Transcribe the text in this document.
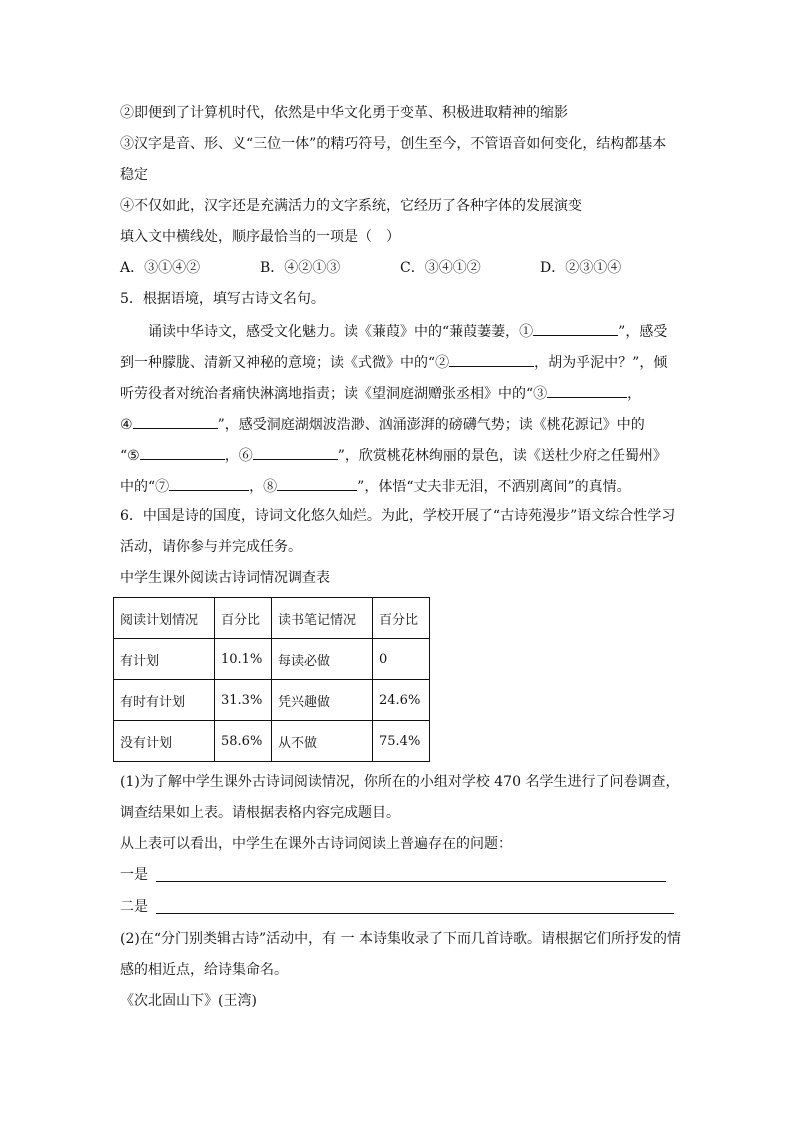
②即便到了计算机时代，依然是中华文化勇于变革、积极进取精神的缩影
③汉字是音、形、义“三位一体”的精巧符号，创生至今，不管语音如何变化，结构都基本
稳定
④不仅如此，汉字还是充满活力的文字系统，它经历了各种字体的发展演变
填入文中横线处，顺序最恰当的一项是（　）
A．③①④②	B．④②①③	C．③④①②	D．②③①④
5．根据语境，填写古诗文名句。
　　诵读中华诗文，感受文化魅力。读《蒹葭》中的“蒹葭萋萋，①	”，感受
到一种朦胧、清新又神秘的意境；读《式微》中的“②	，胡为乎泥中？”，倾
听劳役者对统治者痛快淋漓地指责；读《望洞庭湖赠张丞相》中的“③	，
④	”，感受洞庭湖烟波浩渺、汹涌澎湃的磅礴气势；读《桃花源记》中的
“⑤	，⑥	”，欣赏桃花林绚丽的景色，读《送杜少府之任蜀州》
中的“⑦	，⑧	”，体悟“丈夫非无泪，不洒别离间”的真情。
6．中国是诗的国度，诗词文化悠久灿烂。为此，学校开展了“古诗苑漫步”语文综合性学习
活动，请你参与并完成任务。
中学生课外阅读古诗词情况调查表
阅读计划情况	百分比	读书笔记情况	百分比
有计划	10.1%	每读必做	0
有时有计划	31.3%	凭兴趣做	24.6%
没有计划	58.6%	从不做	75.4%
(1)为了解中学生课外古诗词阅读情况，你所在的小组对学校 470 名学生进行了问卷调查，
调查结果如上表。请根据表格内容完成题目。
从上表可以看出，中学生在课外古诗词阅读上普遍存在的问题：
一是
二是
(2)在“分门别类辑古诗”活动中，有 一 本诗集收录了下而几首诗歌。请根据它们所抒发的情
感的相近点，给诗集命名。
《次北固山下》(王湾)
